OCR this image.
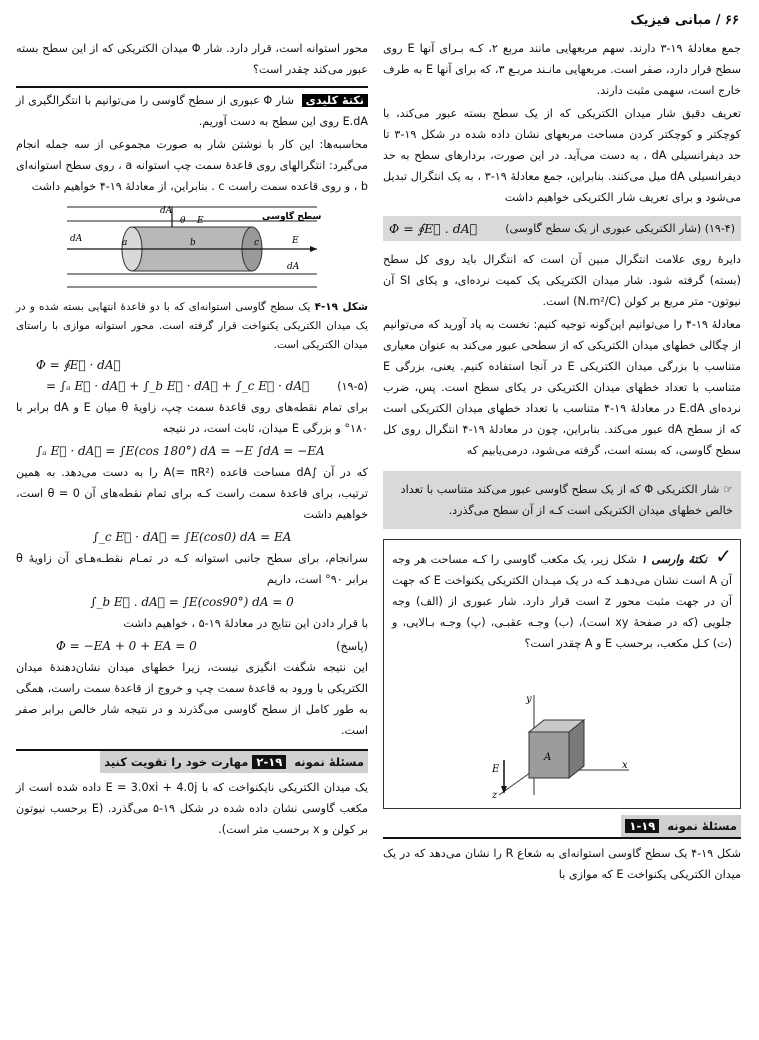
۶۶ / مبانی فیزیک

جمع معادلهٔ ۱۹-۳ دارند. سهم مربعهایی مانند مربع ۲، کـه بـرای آنها E روی سطح قرار دارد، صفر است. مربعهایی مانـند مربـع ۳، که برای آنها E به طرف خارج است، سهمی مثبت دارند.

تعریف دقیق شار میدان الکتریکی که از یک سطح بسته عبور می‌کند، با کوچکتر و کوچکتر کردن مساحت مربعهای نشان داده شده در شکل ۱۹-۳ تا حد دیفرانسیلی dA ، به دست می‌آید. در این صورت، بردارهای سطح به حد دیفرانسیلی dA میل می‌کنند. بنابراین، جمع معادلهٔ ۱۹-۳ ، به یک انتگرال تبدیل می‌شود و برای تعریف شار الکتریکی خواهیم داشت

(۱۹-۴) (شار الکتریکی عبوری از یک سطح گاوسی)
Φ = ∮E⃗ . dA⃗

دایرهٔ روی علامت انتگرال مبین آن است که انتگرال باید روی کل سطح (بسته) گرفته شود. شار میدان الکتریکی یک کمیت نرده‌ای، و یکای SI آن نیوتون- متر مربع بر کولن (N.m²/C) است.

معادلهٔ ۱۹-۴ را می‌توانیم این‌گونه توجیه کنیم: نخست به یاد آورید که می‌توانیم از چگالی خطهای میدان الکتریکی که از سطحی عبور می‌کند به عنوان معیاری متناسب با بزرگی میدان الکتریکی E در آنجا استفاده کنیم. یعنی، بزرگی E متناسب با تعداد خطهای میدان الکتریکی در یکای سطح است. پس، ضرب نرده‌ای E.dA در معادلهٔ ۱۹-۴ متناسب با تعداد خطهای میدان الکتریکی است که از سطح dA عبور می‌کند. بنابراین، چون در معادلهٔ ۱۹-۴ انتگرال روی کل سطح گاوسی، که بسته است، گرفته می‌شود، درمی‌یابیم که

☞ شار الکتریکی Φ که از یک سطح گاوسی عبور می‌کند متناسب با تعداد خالص خطهای میدان الکتریکی است کـه از آن سطح می‌گذرد.

✓ نکتهٔ وارسی ۱ شکل زیر، یک مکعب گاوسی را کـه مساحت هر وجه آن A است نشان می‌دهـد کـه در یک میـدان الکتریکی یکنواخت E که جهت آن در جهت مثبت محور z است قرار دارد. شار عبوری از (الف) وجه جلویی (که در صفحهٔ xy است)، (ب) وجـه عقبـی، (پ) وجـه بـالایی، و (ت) کـل مکعب، برحسب E و A چقدر است؟

y
x
z
A
E
مسئلهٔ نمونه ۱۹-۱

شکل ۱۹-۴ یک سطح گاوسی استوانه‌ای به شعاع R را نشان می‌دهد که در یک میدان الکتریکی یکنواخت E که موازی با

محور استوانه است، قرار دارد. شار Φ میدان الکتریکی که از این سطح بسته عبور می‌کند چقدر است؟

نکتهٔ کلیدی شار Φ عبوری از سطح گاوسی را می‌توانیم با انتگرالگیری از E.dA روی این سطح به دست آوریم.

محاسبه‌ها: این کار با نوشتن شار به صورت مجموعی از سه جمله انجام می‌گیرد: انتگرالهای روی قاعدهٔ سمت چپ استوانه a ، روی سطح استوانه‌ای b ، و روی قاعده سمت راست c . بنابراین، از معادلهٔ ۱۹-۴ خواهیم داشت

dA
θ E	سطح گاوسی
dA	a	b	c	E
dA

شکل ۱۹-۴ یک سطح گاوسی استوانه‌ای که با دو قاعدهٔ انتهایی بسته شده و در یک میدان الکتریکی یکنواخت قرار گرفته است. محور استوانه موازی با راستای میدان الکتریکی است.

Φ = ∮E⃗ · dA⃗
(۱۹-۵)
= ∫ₐ E⃗ · dA⃗ + ∫_b E⃗ · dA⃗ + ∫_c E⃗ · dA⃗

برای تمام نقطه‌های روی قاعدهٔ سمت چپ، زاویهٔ θ میان E و dA برابر با ۱۸۰° و بزرگی E میدان، ثابت است، در نتیجه

∫ₐ E⃗ · dA⃗ = ∫E(cos 180°) dA = −E ∫dA = −EA

که در آن ∫dA مساحت قاعده A(= πR²) را به دست می‌دهد. به همین ترتیب، برای قاعدهٔ سمت راست کـه برای تمام نقطه‌های آن θ = 0 است، خواهیم داشت

∫_c E⃗ · dA⃗ = ∫E(cos0) dA = EA

سرانجام، برای سطح جانبی استوانه کـه در تمـام نقطـه‌هـای آن زاویهٔ θ برابر ۹۰° است، داریم

∫_b E⃗ . dA⃗ = ∫E(cos90°) dA = 0

با قرار دادن این نتایج در معادلهٔ ۱۹-۵ ، خواهیم داشت

(پاسخ)
Φ = −EA + 0 + EA = 0

این نتیجه شگفت انگیزی نیست، زیرا خطهای میدان نشان‌دهندهٔ میدان الکتریکی با ورود به قاعدهٔ سمت چپ و خروج از قاعدهٔ سمت راست، همگی به طور کامل از سطح گاوسی می‌گذرند و در نتیجه شار خالص برابر صفر است.

مسئلهٔ نمونه ۱۹-۲ مهارت خود را تقویت کنید

یک میدان الکتریکی نایکنواخت که با E = 3.0xi + 4.0j داده شده است از مکعب گاوسی نشان داده شده در شکل ۱۹-۵ می‌گذرد. (E برحسب نیوتون بر کولن و x برحسب متر است).
